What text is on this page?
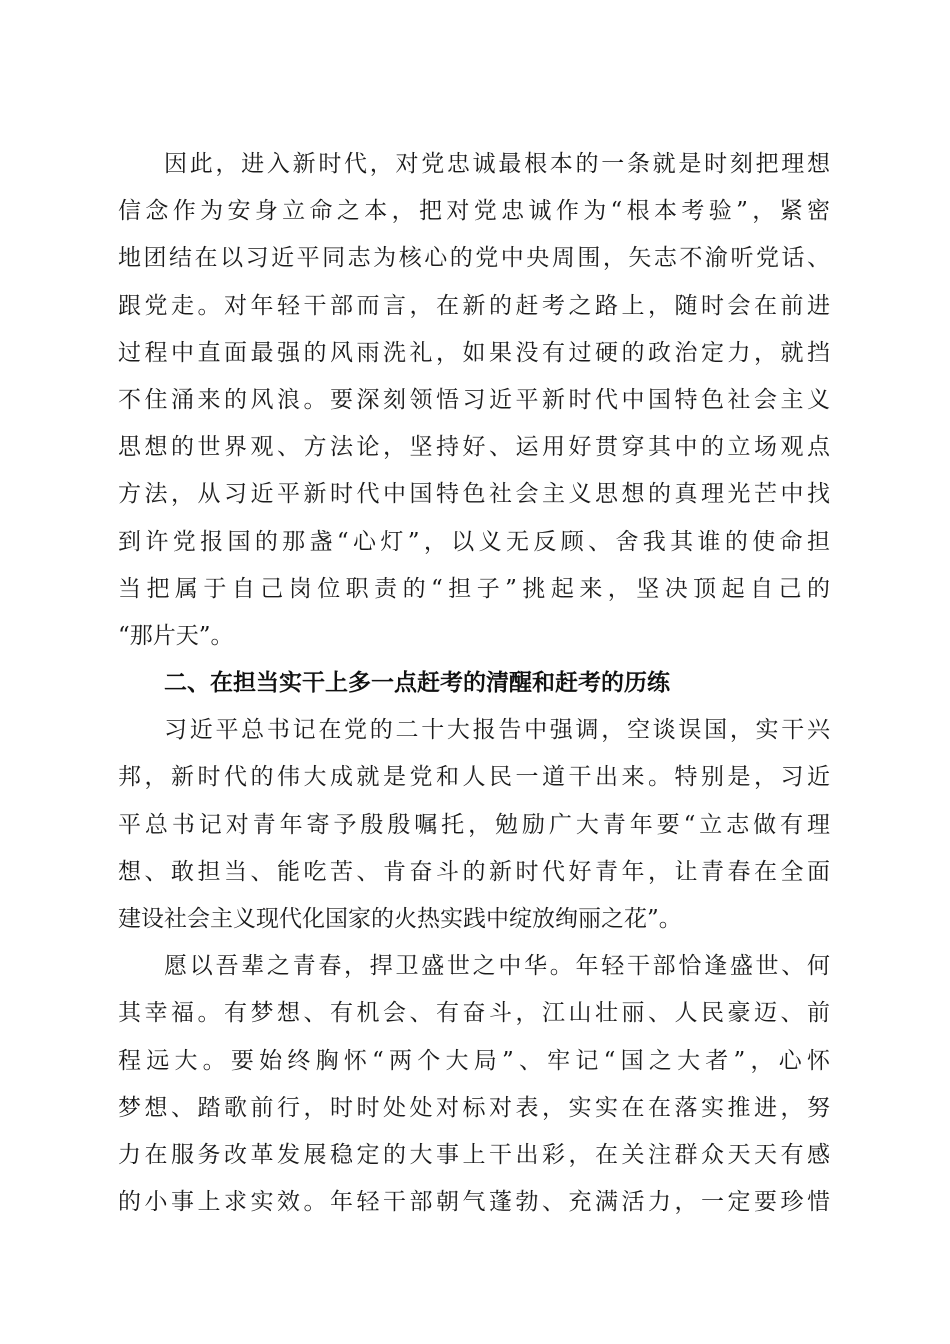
因此，进入新时代，对党忠诚最根本的一条就是时刻把理想
信念作为安身立命之本，把对党忠诚作为“根本考验”，紧密
地团结在以习近平同志为核心的党中央周围，矢志不渝听党话、
跟党走。对年轻干部而言，在新的赶考之路上，随时会在前进
过程中直面最强的风雨洗礼，如果没有过硬的政治定力，就挡
不住涌来的风浪。要深刻领悟习近平新时代中国特色社会主义
思想的世界观、方法论，坚持好、运用好贯穿其中的立场观点
方法，从习近平新时代中国特色社会主义思想的真理光芒中找
到许党报国的那盏“心灯”，以义无反顾、舍我其谁的使命担
当把属于自己岗位职责的“担子”挑起来，坚决顶起自己的
“那片天”。
二、在担当实干上多一点赶考的清醒和赶考的历练
习近平总书记在党的二十大报告中强调，空谈误国，实干兴
邦，新时代的伟大成就是党和人民一道干出来。特别是，习近
平总书记对青年寄予殷殷嘱托，勉励广大青年要“立志做有理
想、敢担当、能吃苦、肯奋斗的新时代好青年，让青春在全面
建设社会主义现代化国家的火热实践中绽放绚丽之花”。
愿以吾辈之青春，捍卫盛世之中华。年轻干部恰逢盛世、何
其幸福。有梦想、有机会、有奋斗，江山壮丽、人民豪迈、前
程远大。要始终胸怀“两个大局”、牢记“国之大者”，心怀
梦想、踏歌前行，时时处处对标对表，实实在在落实推进，努
力在服务改革发展稳定的大事上干出彩，在关注群众天天有感
的小事上求实效。年轻干部朝气蓬勃、充满活力，一定要珍惜
